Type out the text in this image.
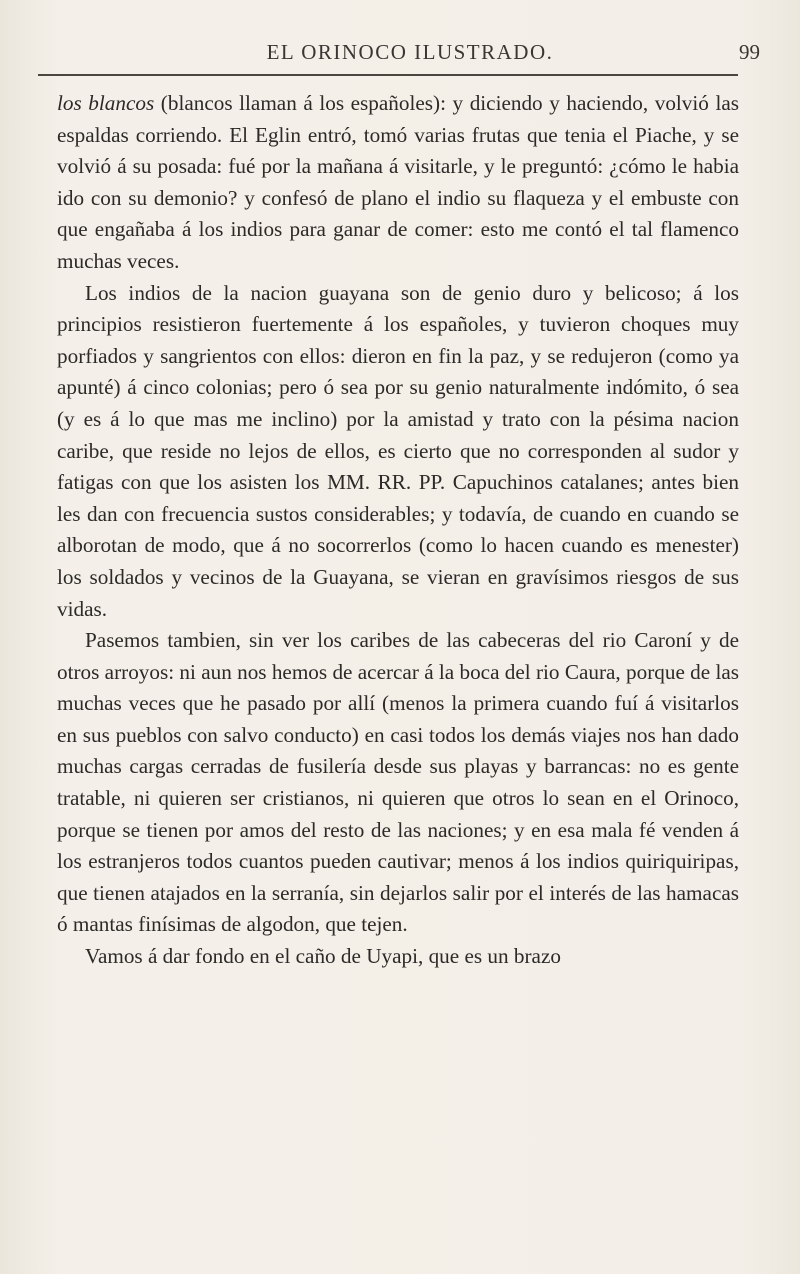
EL ORINOCO ILUSTRADO.	99

los blancos (blancos llaman á los españoles): y diciendo y haciendo, volvió las espaldas corriendo. El Eglin entró, tomó varias frutas que tenia el Piache, y se volvió á su posada: fué por la mañana á visitarle, y le preguntó: ¿cómo le habia ido con su demonio? y confesó de plano el indio su flaqueza y el embuste con que engañaba á los indios para ganar de comer: esto me contó el tal flamenco muchas veces.

Los indios de la nacion guayana son de genio duro y belicoso; á los principios resistieron fuertemente á los españoles, y tuvieron choques muy porfiados y sangrientos con ellos: dieron en fin la paz, y se redujeron (como ya apunté) á cinco colonias; pero ó sea por su genio naturalmente indómito, ó sea (y es á lo que mas me inclino) por la amistad y trato con la pésima nacion caribe, que reside no lejos de ellos, es cierto que no corresponden al sudor y fatigas con que los asisten los MM. RR. PP. Capuchinos catalanes; antes bien les dan con frecuencia sustos considerables; y todavía, de cuando en cuando se alborotan de modo, que á no socorrerlos (como lo hacen cuando es menester) los soldados y vecinos de la Guayana, se vieran en gravísimos riesgos de sus vidas.

Pasemos tambien, sin ver los caribes de las cabeceras del rio Caroní y de otros arroyos: ni aun nos hemos de acercar á la boca del rio Caura, porque de las muchas veces que he pasado por allí (menos la primera cuando fuí á visitarlos en sus pueblos con salvo conducto) en casi todos los demás viajes nos han dado muchas cargas cerradas de fusilería desde sus playas y barrancas: no es gente tratable, ni quieren ser cristianos, ni quieren que otros lo sean en el Orinoco, porque se tienen por amos del resto de las naciones; y en esa mala fé venden á los estranjeros todos cuantos pueden cautivar; menos á los indios quiriquiripas, que tienen atajados en la serranía, sin dejarlos salir por el interés de las hamacas ó mantas finísimas de algodon, que tejen.

Vamos á dar fondo en el caño de Uyapi, que es un brazo
